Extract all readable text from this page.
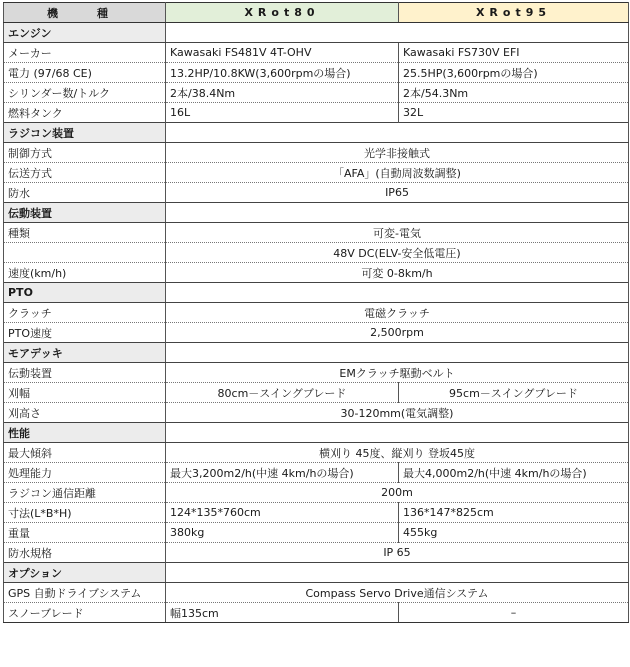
機　種	XRot80	XRot95
エンジン		
メーカー	Kawasaki FS481V 4T-OHV	Kawasaki FS730V EFI
電力 (97/68 CE)	13.2HP/10.8KW(3,600rpmの場合)	25.5HP(3,600rpmの場合)
シリンダー数/トルク	2本/38.4Nm	2本/54.3Nm
燃料タンク	16L	32L
ラジコン装置		
制御方式	光学非接触式	
伝送方式	「AFA」(自動周波数調整)	
防水	IP65	
伝動装置		
種類	可変-電気	
	48V DC(ELV-安全低電圧)	
速度(km/h)	可変 0-8km/h	
PTO		
クラッチ	電磁クラッチ	
PTO速度	2,500rpm	
モアデッキ		
伝動装置	EMクラッチ駆動ベルト	
刈幅	80cm－スイングブレード	95cm－スイングブレード
刈高さ	30-120mm(電気調整)	
性能		
最大傾斜	横刈り 45度、縦刈り 登坂45度	
処理能力	最大3,200m2/h(中速 4km/hの場合)	最大4,000m2/h(中速 4km/hの場合)
ラジコン通信距離	200m	
寸法(L*B*H)	124*135*760cm	136*147*825cm
重量	380kg	455kg
防水規格	IP 65	
オプション		
GPS 自動ドライブシステム	Compass Servo Drive通信システム	
スノーブレード	幅135cm	–
